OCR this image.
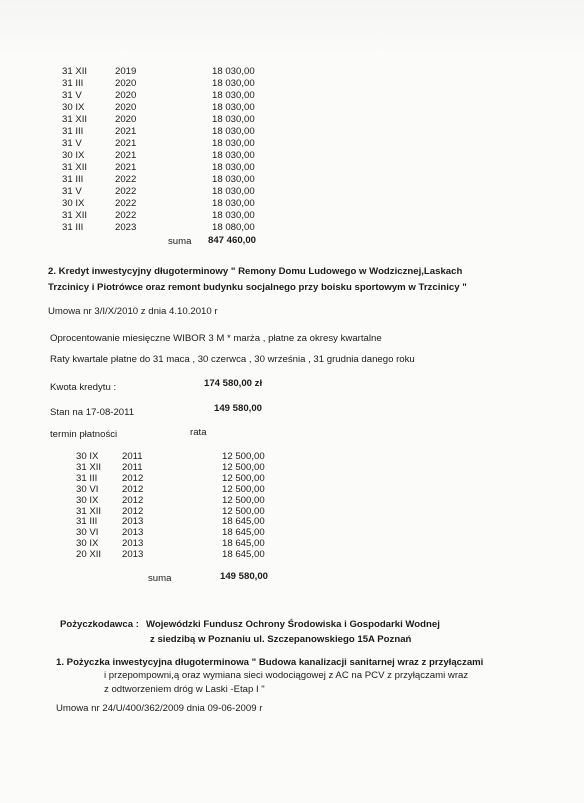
31 XII	2019	18 030,00
31 III	2020	18 030,00
31 V	2020	18 030,00
30 IX	2020	18 030,00
31 XII	2020	18 030,00
31 III	2021	18 030,00
31 V	2021	18 030,00
30 IX	2021	18 030,00
31 XII	2021	18 030,00
31 III	2022	18 030,00
31 V	2022	18 030,00
30 IX	2022	18 030,00
31 XII	2022	18 030,00
31 III	2023	18 080,00
suma 847 460,00
2. Kredyt inwestycyjny długoterminowy " Remony Domu Ludowego w Wodzicznej,Laskach
Trzcinicy i Piotrówce oraz remont budynku socjalnego przy boisku sportowym w Trzcinicy "
Umowa nr 3/I/X/2010 z dnia 4.10.2010 r
Oprocentowanie miesięczne WIBOR 3 M * marża , płatne za okresy kwartalne
Raty kwartale płatne do 31 maca , 30 czerwca , 30 września , 31 grudnia danego roku
Kwota kredytu :	174 580,00 zł
Stan na 17-08-2011	149 580,00
termin płatności	rata
30 IX 2011	12 500,00
31 XII 2011	12 500,00
31 III	2012	12 500,00
30 VI 2012	12 500,00
30 IX 2012	12 500,00
31 XII 2012	12 500,00
31 III	2013	18 645,00
30 VI 2013	18 645,00
30 IX 2013	18 645,00
20 XII 2013	18 645,00
suma	149 580,00
Pożyczkodawca : Wojewódzki Fundusz Ochrony Środowiska i Gospodarki Wodnej
z siedzibą w Poznaniu ul. Szczepanowskiego 15A Poznań
1. Pożyczka inwestycyjna długoterminowa " Budowa kanalizacji sanitarnej wraz z przyłączami
i przepompowni,ą oraz wymiana sieci wodociągowej z AC na PCV z przyłączami wraz
z odtworzeniem dróg w Laski -Etap I "
Umowa nr 24/U/400/362/2009 dnia 09-06-2009 r
